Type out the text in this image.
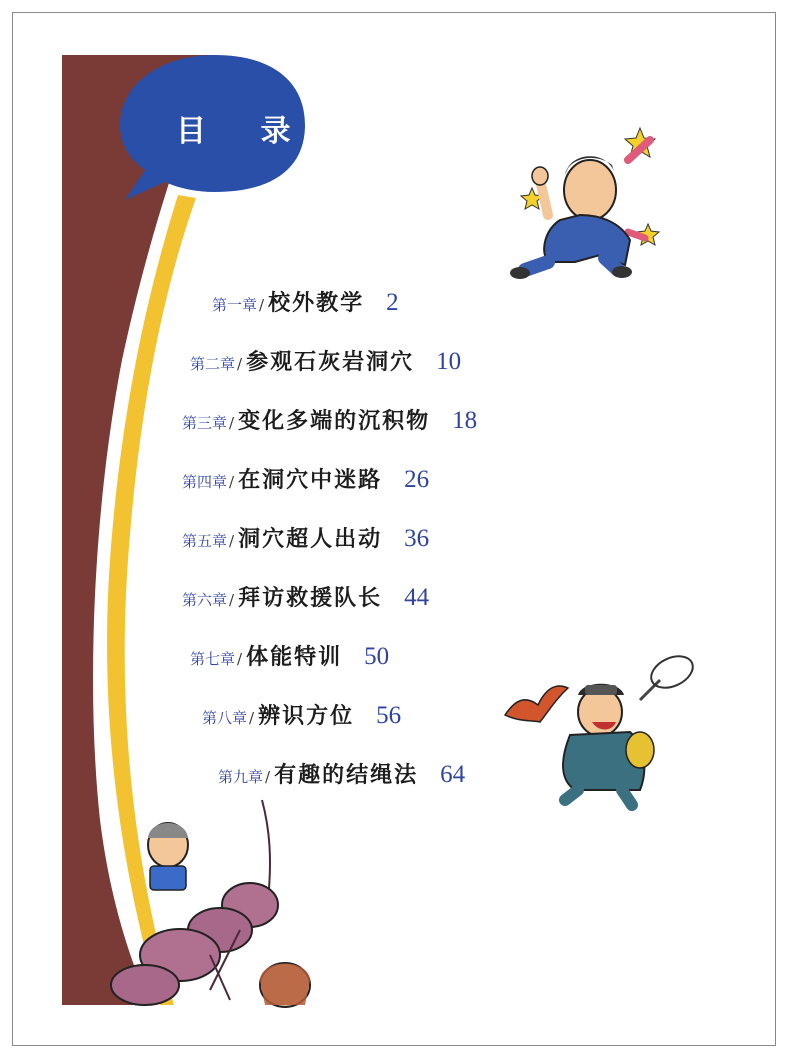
目 录
第一章 / 校外教学 2
第二章 / 参观石灰岩洞穴 10
第三章 / 变化多端的沉积物 18
第四章 / 在洞穴中迷路 26
第五章 / 洞穴超人出动 36
第六章 / 拜访救援队长 44
第七章 / 体能特训 50
第八章 / 辨识方位 56
第九章 / 有趣的结绳法 64
